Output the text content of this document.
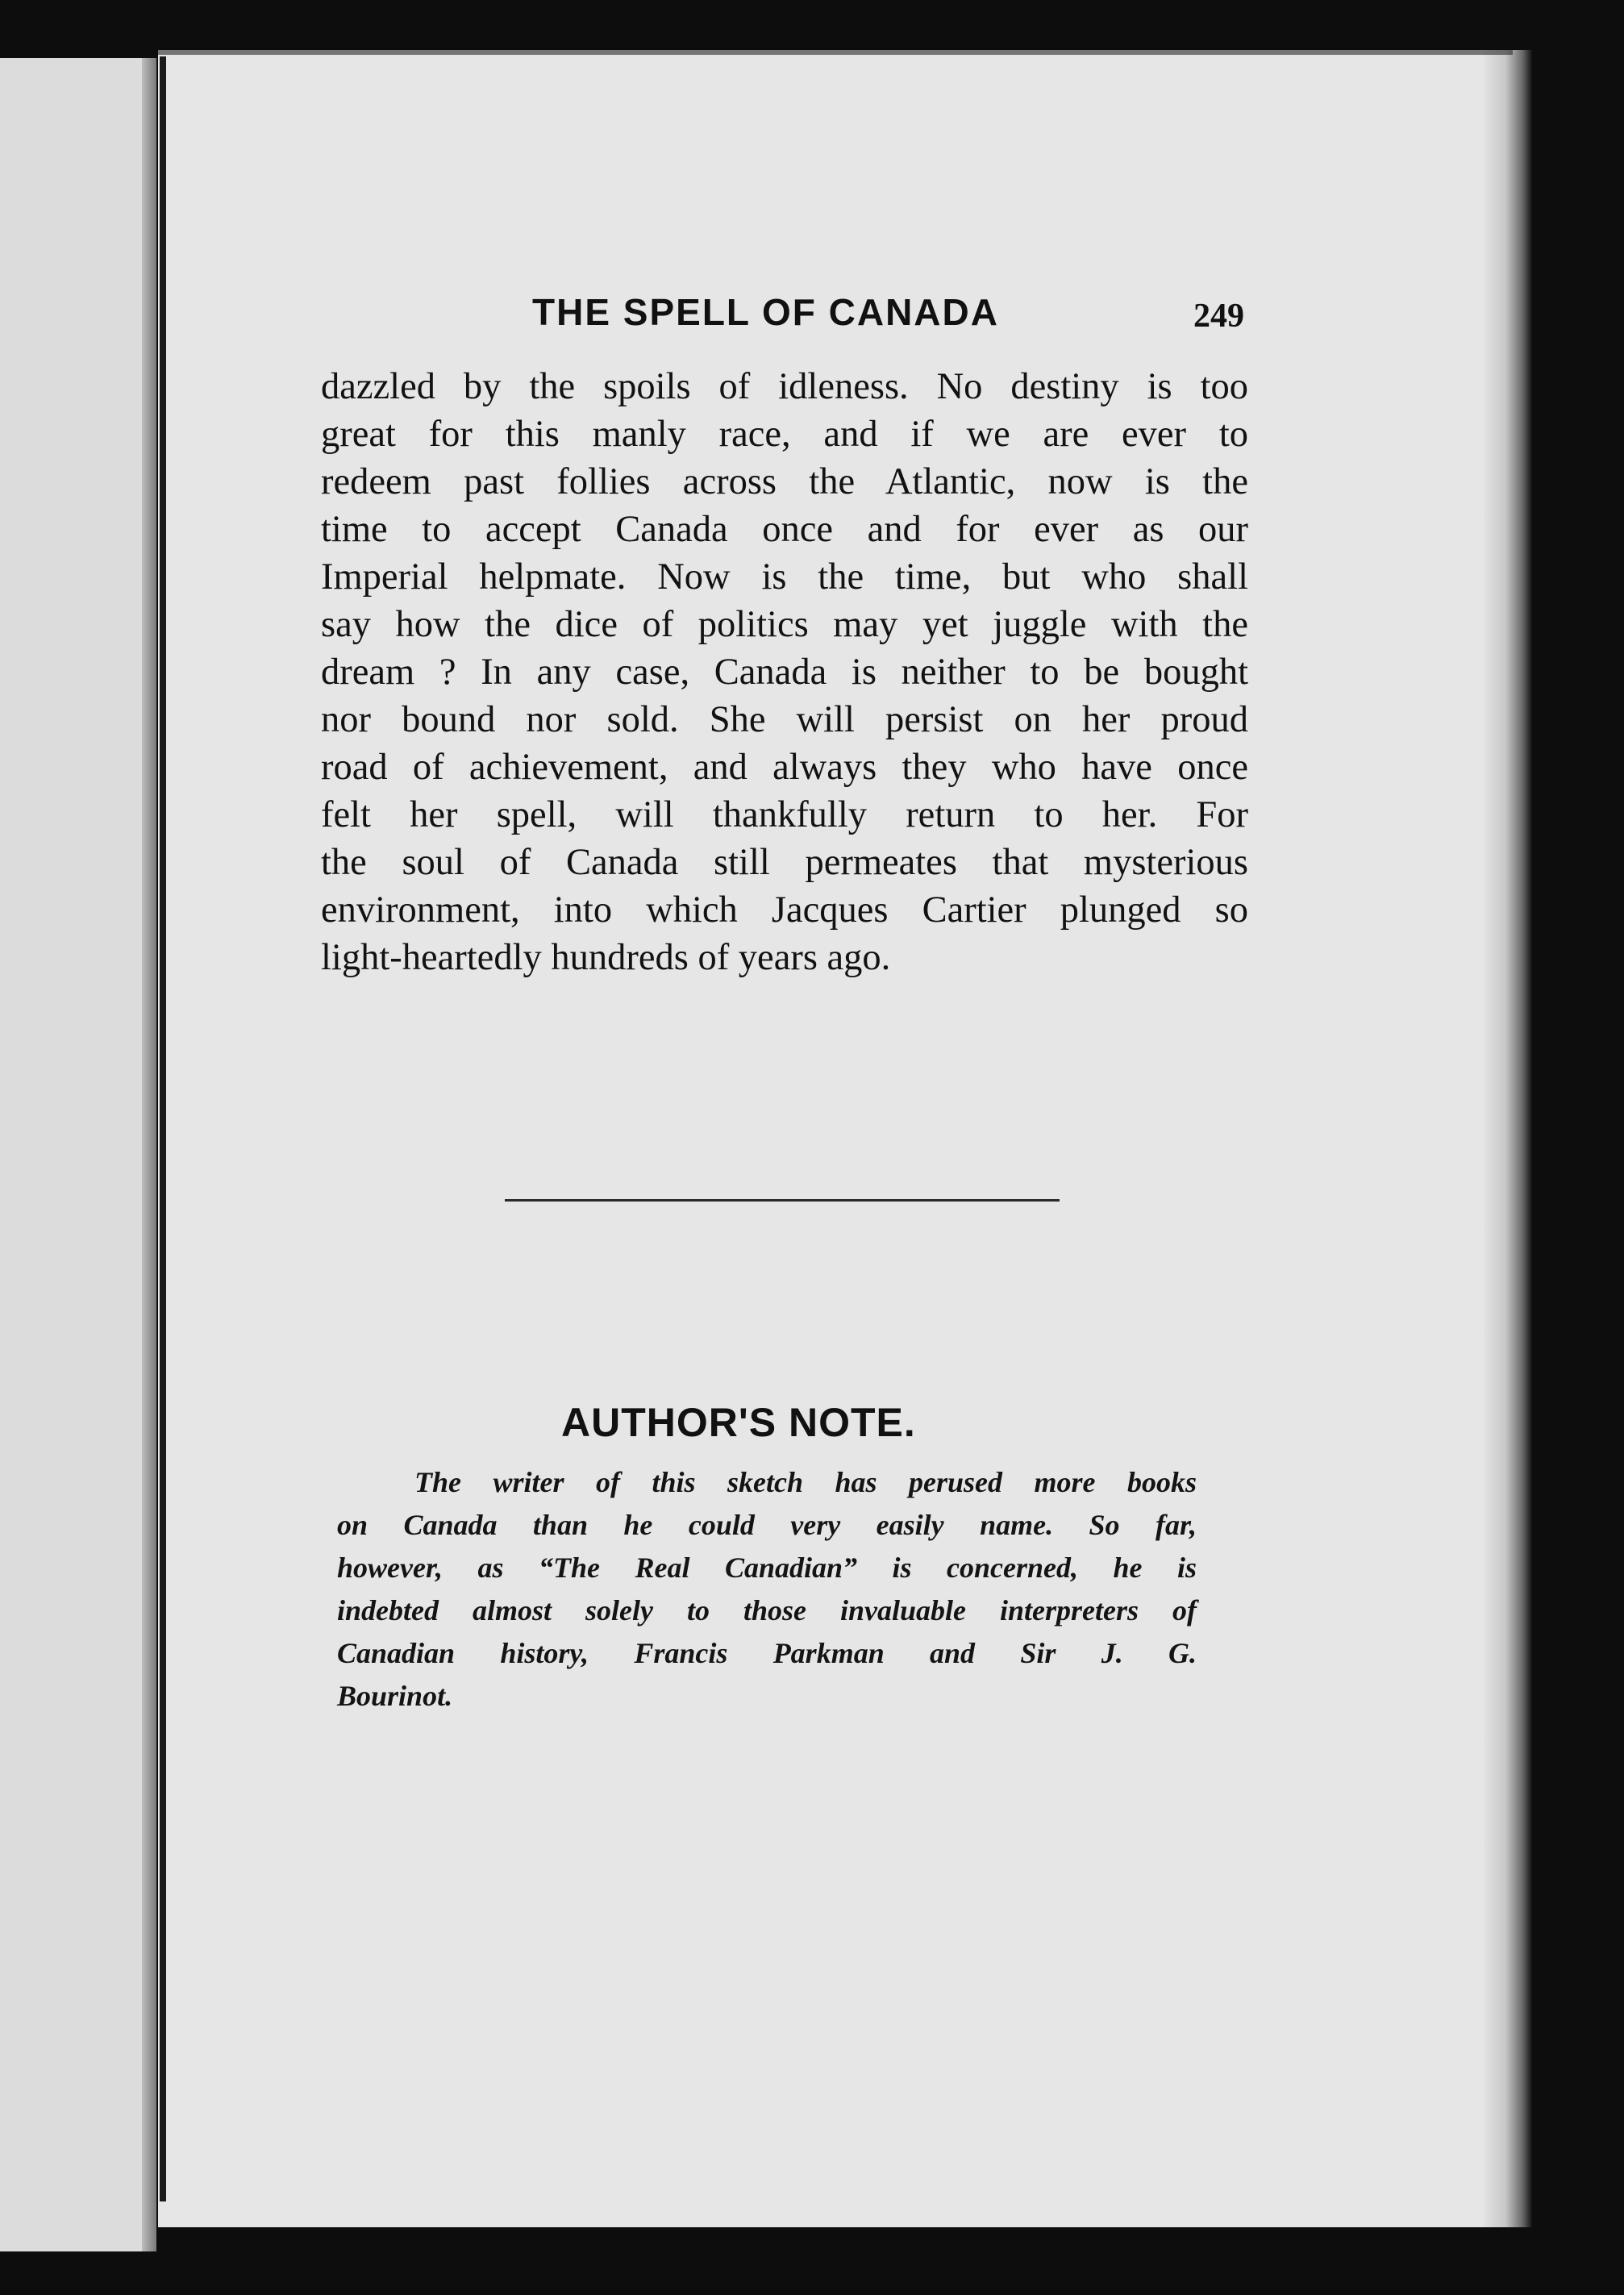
THE SPELL OF CANADA	249
dazzled by the spoils of idleness. No destiny is too
great for this manly race, and if we are ever to
redeem past follies across the Atlantic, now is the
time to accept Canada once and for ever as our
Imperial helpmate. Now is the time, but who shall
say how the dice of politics may yet juggle with the
dream ? In any case, Canada is neither to be bought
nor bound nor sold. She will persist on her proud
road of achievement, and always they who have once
felt her spell, will thankfully return to her. For
the soul of Canada still permeates that mysterious
environment, into which Jacques Cartier plunged so
light-heartedly hundreds of years ago.
AUTHOR'S NOTE.
The writer of this sketch has perused more books
on Canada than he could very easily name. So far,
however, as “The Real Canadian” is concerned, he is
indebted almost solely to those invaluable interpreters of
Canadian history, Francis Parkman and Sir J. G.
Bourinot.
